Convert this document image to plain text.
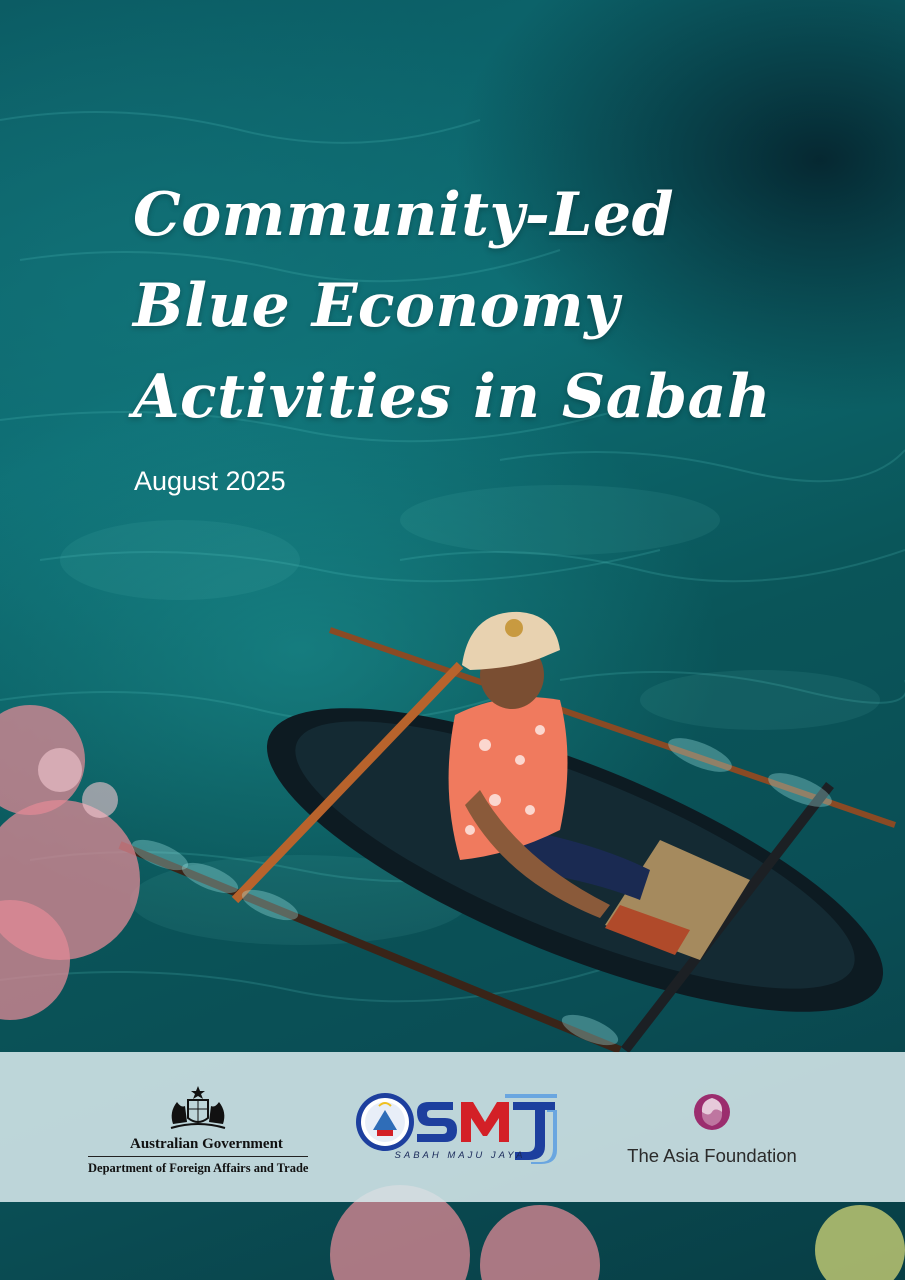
Community-Led
Blue Economy
Activities in Sabah

August 2025

Australian Government
Department of Foreign Affairs and Trade
SABAH MAJU JAYA	The Asia Foundation
